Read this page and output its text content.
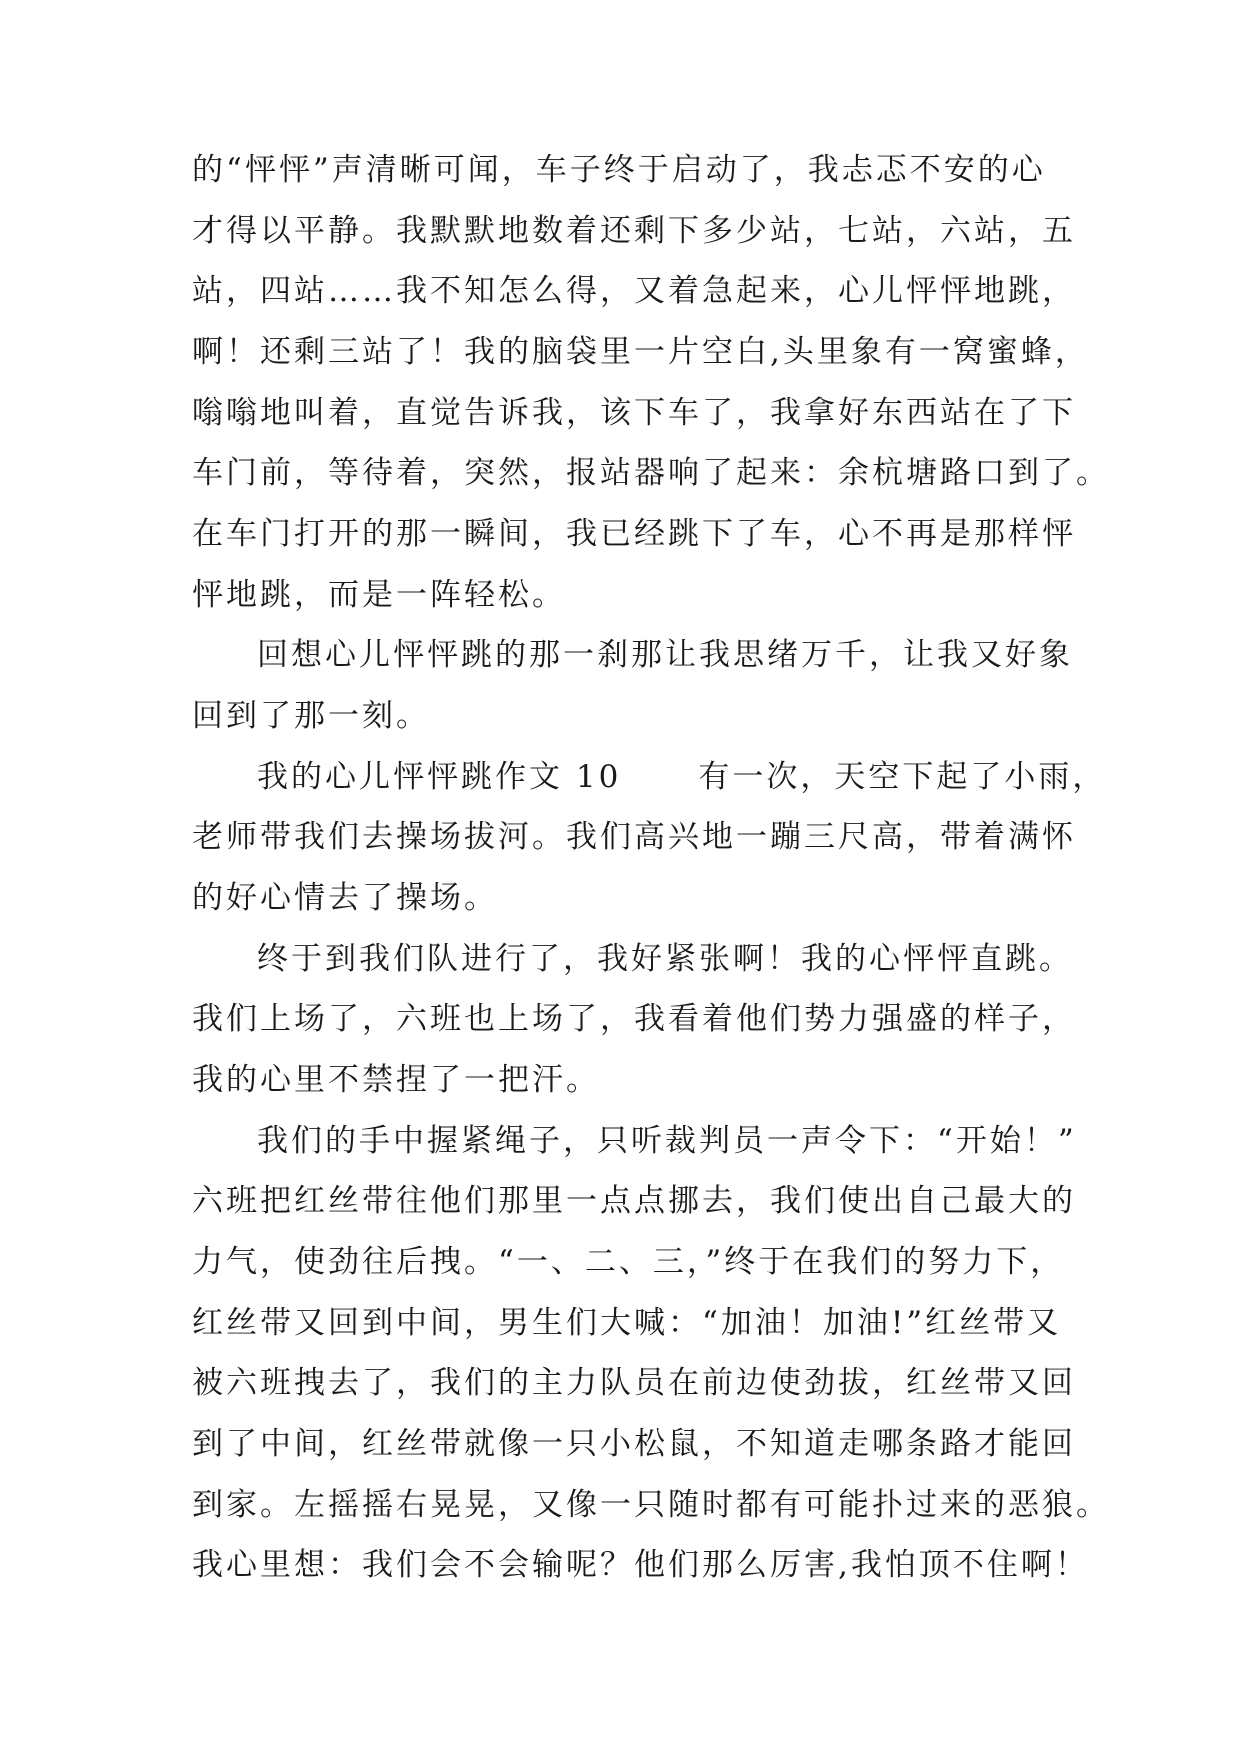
的“怦怦”声清晰可闻，车子终于启动了，我忐忑不安的心
才得以平静。我默默地数着还剩下多少站，七站，六站，五
站，四站……我不知怎么得，又着急起来，心儿怦怦地跳，
啊！还剩三站了！我的脑袋里一片空白,头里象有一窝蜜蜂，
嗡嗡地叫着，直觉告诉我，该下车了，我拿好东西站在了下
车门前，等待着，突然，报站器响了起来：余杭塘路口到了。
在车门打开的那一瞬间，我已经跳下了车，心不再是那样怦
怦地跳，而是一阵轻松。
回想心儿怦怦跳的那一刹那让我思绪万千，让我又好象
回到了那一刻。
我的心儿怦怦跳作文 10      有一次，天空下起了小雨，
老师带我们去操场拔河。我们高兴地一蹦三尺高，带着满怀
的好心情去了操场。
终于到我们队进行了，我好紧张啊！我的心怦怦直跳。
我们上场了，六班也上场了，我看着他们势力强盛的样子，
我的心里不禁捏了一把汗。
我们的手中握紧绳子，只听裁判员一声令下：“开始！”
六班把红丝带往他们那里一点点挪去，我们使出自己最大的
力气，使劲往后拽。“一、二、三，”终于在我们的努力下，
红丝带又回到中间，男生们大喊：“加油！加油!”红丝带又
被六班拽去了，我们的主力队员在前边使劲拔，红丝带又回
到了中间，红丝带就像一只小松鼠，不知道走哪条路才能回
到家。左摇摇右晃晃，又像一只随时都有可能扑过来的恶狼。
我心里想：我们会不会输呢？他们那么厉害,我怕顶不住啊！
